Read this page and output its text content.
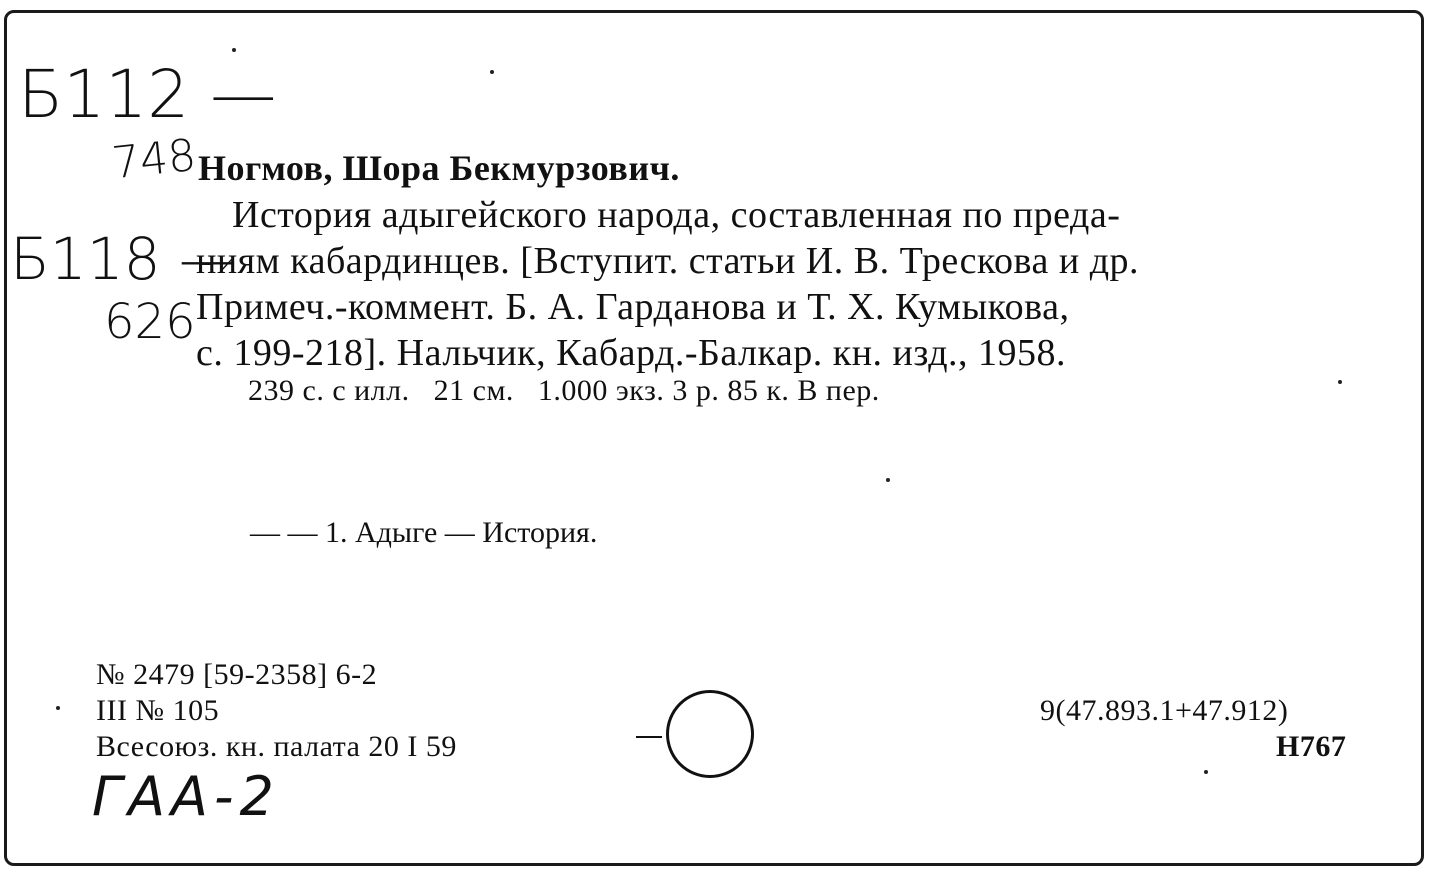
Б112 —
748
Б118 —
626
ГАА-2
Ногмов, Шора Бекмурзович.
История адыгейского народа, составленная по преда-
ниям кабардинцев. [Вступит. статьи И. В. Трескова и др.
Примеч.-коммент. Б. А. Гарданова и Т. Х. Кумыкова,
с. 199-218]. Нальчик, Кабард.-Балкар. кн. изд., 1958.
239 с. с илл.   21 см.   1.000 экз. 3 р. 85 к. В пер.
— — 1. Адыге — История.
№ 2479 [59-2358] 6-2
III № 105
Всесоюз. кн. палата 20 I 59
9(47.893.1+47.912)
Н767
